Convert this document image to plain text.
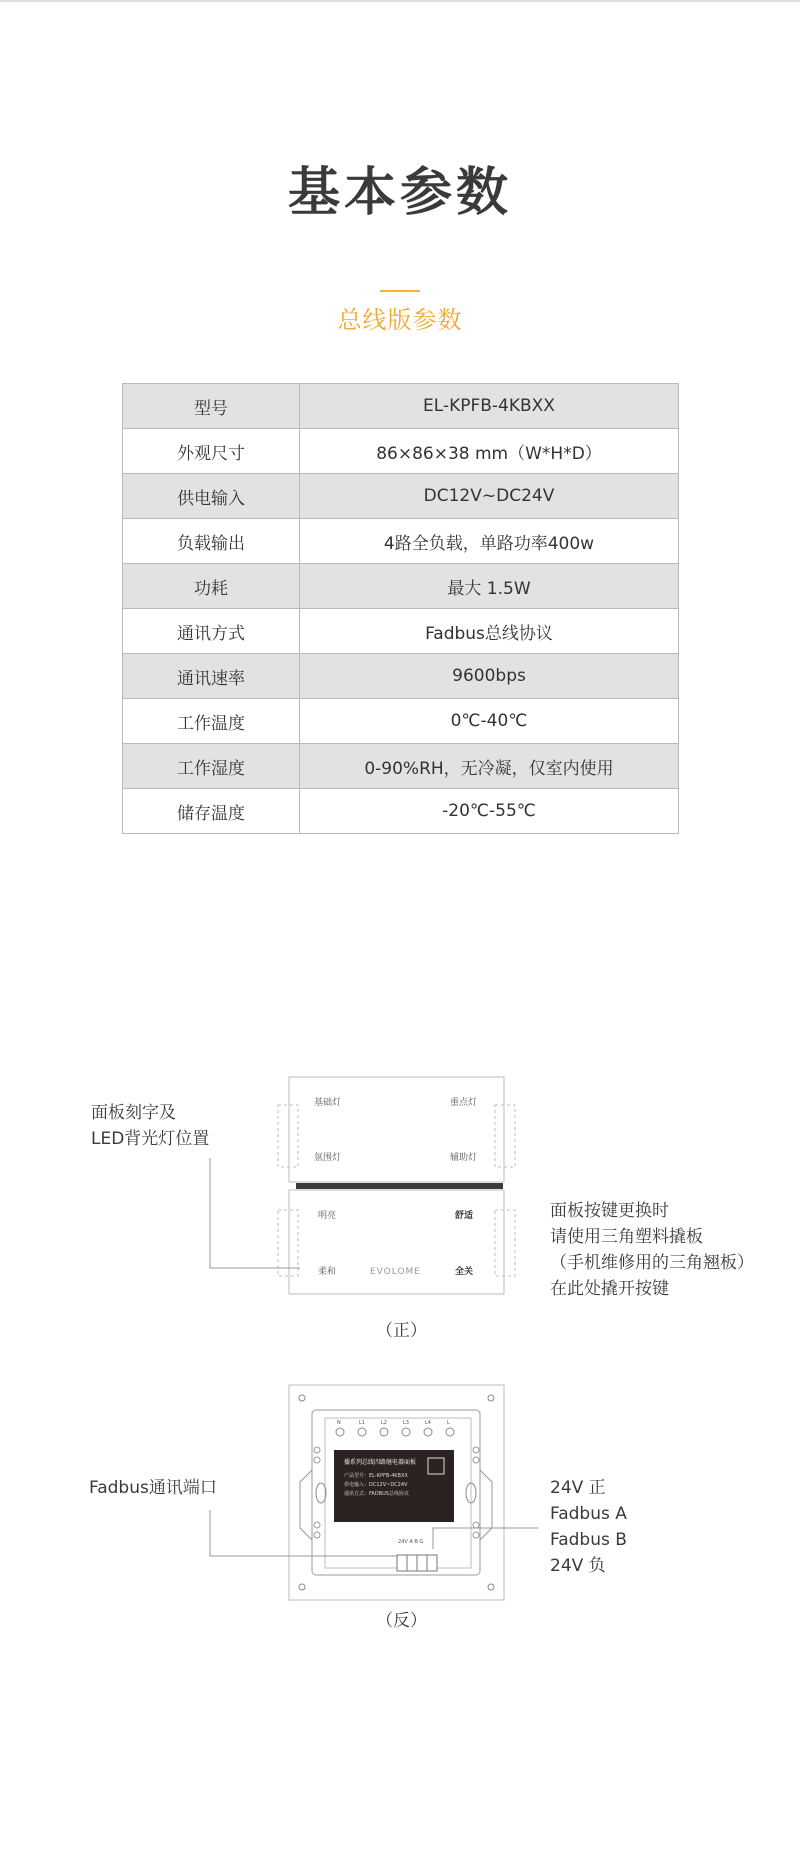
基本参数
总线版参数
型号	EL-KPFB-4KBXX
外观尺寸	86×86×38 mm（W*H*D）
供电输入	DC12V~DC24V
负载输出	4路全负载，单路功率400w
功耗	最大 1.5W
通讯方式	Fadbus总线协议
通讯速率	9600bps
工作温度	0℃-40℃
工作湿度	0-90%RH，无冷凝，仅室内使用
储存温度	-20℃-55℃
基础灯	重点灯
氛围灯	辅助灯
明亮	舒适
柔和	全关
EVOLOME
N	L1	L2	L3	L4	L
播系列总线四路继电器面板
产品型号：EL-KPFB-4KBXX
供电输入：DC12V~DC24V
通讯方式：FADBUS总线协议
24V A B G
面板刻字及
LED背光灯位置
面板按键更换时
请使用三角塑料撬板
（手机维修用的三角翘板）
在此处撬开按键
（正）
Fadbus通讯端口	24V 正
Fadbus A
Fadbus B
24V 负
（反）
